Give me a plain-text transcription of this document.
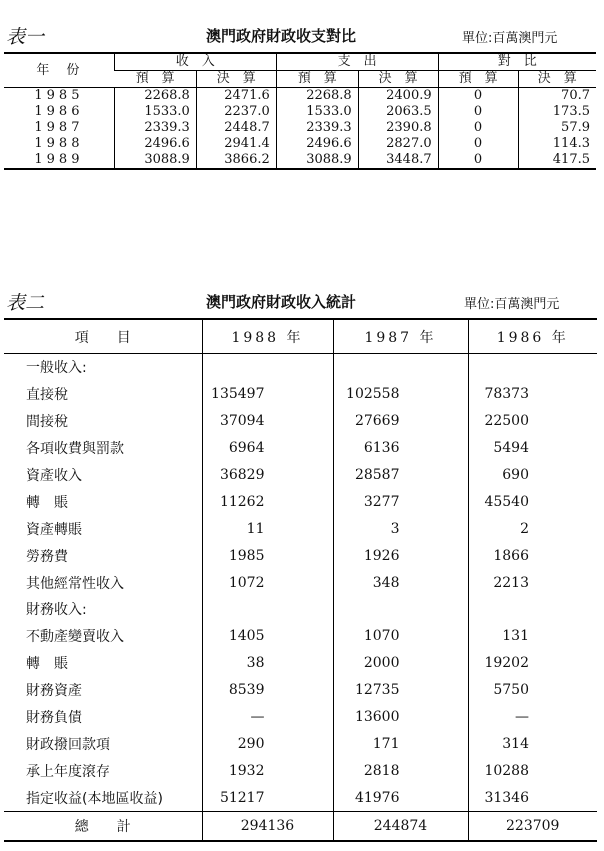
表一	澳門政府財政收支對比	單位:百萬澳門元
年　份	收　入		支　出		對　比	
	預　算	決　算	預　算	決　算	預　算	決　算
1985	2268.8	2471.6	2268.8	2400.9	0	70.7
1986	1533.0	2237.0	1533.0	2063.5	0	173.5
1987	2339.3	2448.7	2339.3	2390.8	0	57.9
1988	2496.6	2941.4	2496.6	2827.0	0	114.3
1989	3088.9	3866.2	3088.9	3448.7	0	417.5
表二	澳門政府財政收入統計	單位:百萬澳門元
項　　目	1988 年	1987 年	1986 年
一般收入:			
直接稅	135497	102558	78373
間接稅	37094	27669	22500
各項收費與罰款	6964	6136	5494
資產收入	36829	28587	690
轉　賬	11262	3277	45540
資產轉賬	11	3	2
勞務費	1985	1926	1866
其他經常性收入	1072	348	2213
財務收入:			
不動產變賣收入	1405	1070	131
轉　賬	38	2000	19202
財務資產	8539	12735	5750
財務負債	—	13600	—
財政撥回款項	290	171	314
承上年度滾存	1932	2818	10288
指定收益(本地區收益)	51217	41976	31346
總　　計	294136	244874	223709
